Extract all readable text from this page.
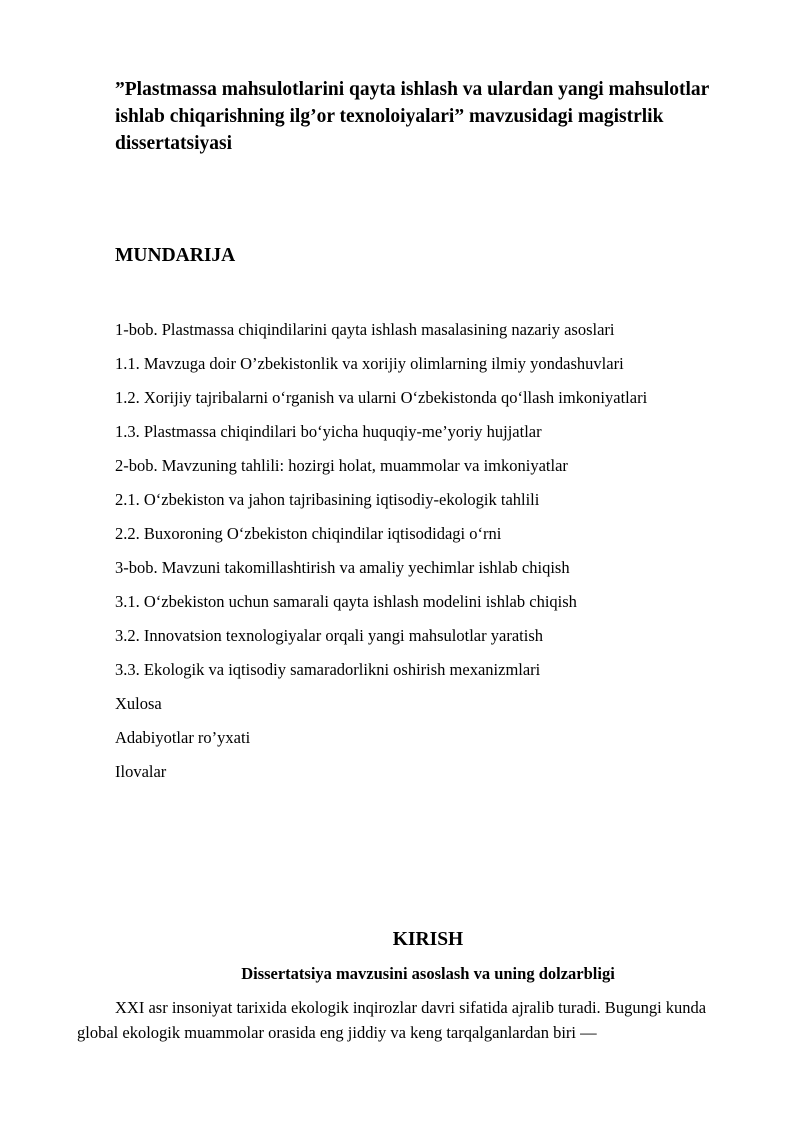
”Plastmassa mahsulotlarini qayta ishlash va ulardan yangi mahsulotlar ishlab chiqarishning ilg’or texnoloiyalari” mavzusidagi magistrlik dissertatsiyasi
MUNDARIJA
1-bob. Plastmassa chiqindilarini qayta ishlash masalasining nazariy asoslari
1.1. Mavzuga doir O’zbekistonlik va xorijiy olimlarning ilmiy yondashuvlari
1.2. Xorijiy tajribalarni oʻrganish va ularni Oʻzbekistonda qoʻllash imkoniyatlari
1.3. Plastmassa chiqindilari boʻyicha huquqiy-me’yoriy hujjatlar
2-bob. Mavzuning tahlili: hozirgi holat, muammolar va imkoniyatlar
2.1. Oʻzbekiston va jahon tajribasining iqtisodiy-ekologik tahlili
2.2. Buxoroning Oʻzbekiston chiqindilar iqtisodidagi oʻrni
3-bob. Mavzuni takomillashtirish va amaliy yechimlar ishlab chiqish
3.1. Oʻzbekiston uchun samarali qayta ishlash modelini ishlab chiqish
3.2. Innovatsion texnologiyalar orqali yangi mahsulotlar yaratish
3.3. Ekologik va iqtisodiy samaradorlikni oshirish mexanizmlari
Xulosa
Adabiyotlar ro’yxati
Ilovalar
KIRISH
Dissertatsiya mavzusini asoslash va uning dolzarbligi

XXI asr insoniyat tarixida ekologik inqirozlar davri sifatida ajralib turadi. Bugungi kunda global ekologik muammolar orasida eng jiddiy va keng tarqalganlardan biri —
